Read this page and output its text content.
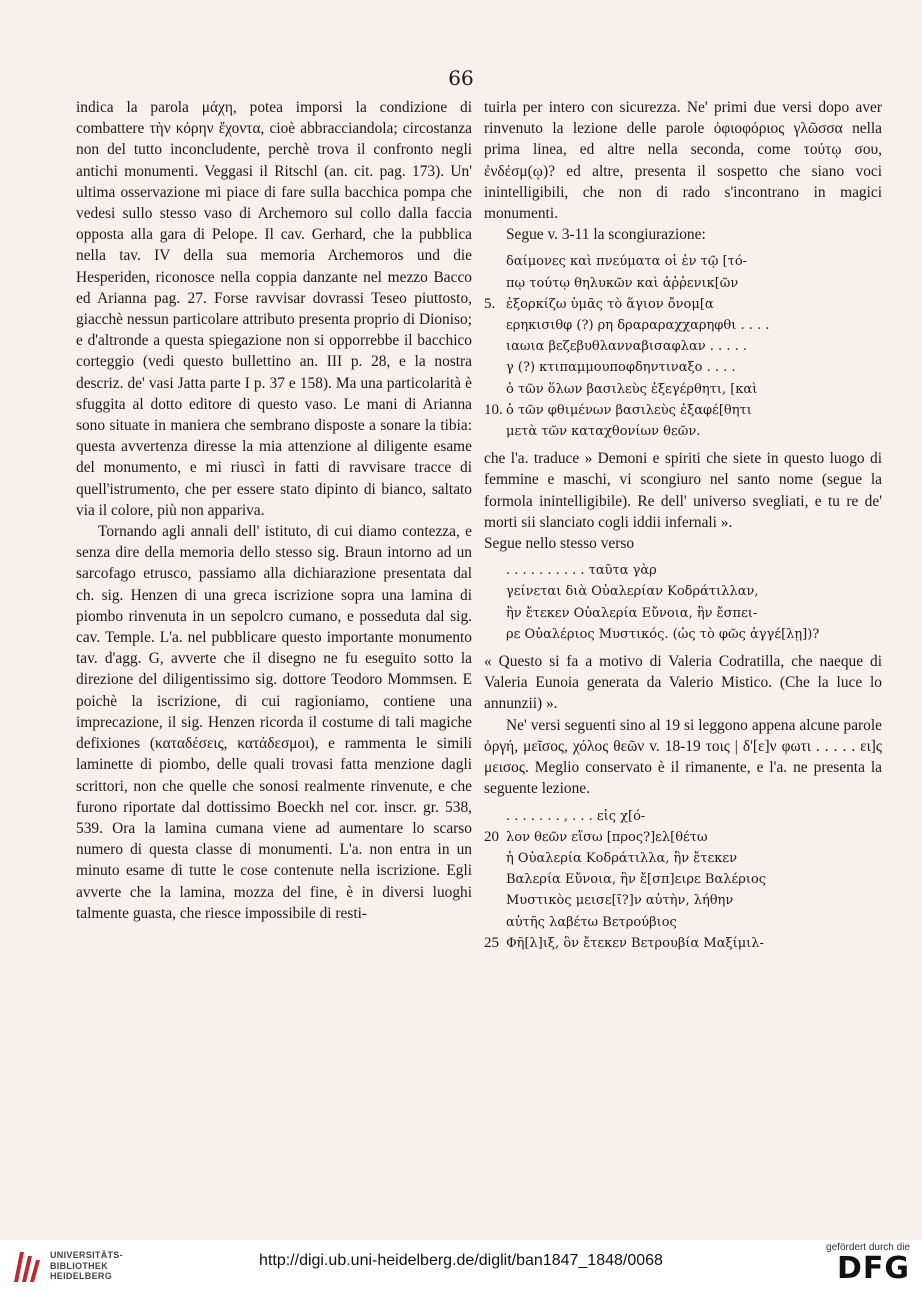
66

indica la parola μάχη, potea imporsi la condizione di combattere τὴν κόρην ἔχοντα, cioè abbracciandola; circostanza non del tutto inconcludente, perchè trova il confronto negli antichi monumenti. Veggasi il Ritschl (an. cit. pag. 173). Un' ultima osservazione mi piace di fare sulla bacchica pompa che vedesi sullo stesso vaso di Archemoro sul collo dalla faccia opposta alla gara di Pelope. Il cav. Gerhard, che la pubblica nella tav. IV della sua memoria Archemoros und die Hesperiden, riconosce nella coppia danzante nel mezzo Bacco ed Arianna pag. 27. Forse ravvisar dovrassi Teseo piuttosto, giacchè nessun particolare attributo presenta proprio di Dioniso; e d'altronde a questa spiegazione non si opporrebbe il bacchico corteggio (vedi questo bullettino an. III p. 28, e la nostra descriz. de' vasi Jatta parte I p. 37 e 158). Ma una particolarità è sfuggita al dotto editore di questo vaso. Le mani di Arianna sono situate in maniera che sembrano disposte a sonare la tibia: questa avvertenza diresse la mia attenzione al diligente esame del monumento, e mi riuscì in fatti di ravvisare tracce di quell'istrumento, che per essere stato dipinto di bianco, saltato via il colore, più non appariva.

Tornando agli annali dell' istituto, di cui diamo contezza, e senza dire della memoria dello stesso sig. Braun intorno ad un sarcofago etrusco, passiamo alla dichiarazione presentata dal ch. sig. Henzen di una greca iscrizione sopra una lamina di piombo rinvenuta in un sepolcro cumano, e posseduta dal sig. cav. Temple. L'a. nel pubblicare questo importante monumento tav. d'agg. G, avverte che il disegno ne fu eseguito sotto la direzione del diligentissimo sig. dottore Teodoro Mommsen. E poichè la iscrizione, di cui ragioniamo, contiene una imprecazione, il sig. Henzen ricorda il costume di tali magiche defixiones (καταδέσεις, κατάδεσμοι), e rammenta le simili laminette di piombo, delle quali trovasi fatta menzione dagli scrittori, non che quelle che sonosi realmente rinvenute, e che furono riportate dal dottissimo Boeckh nel cor. inscr. gr. 538, 539. Ora la lamina cumana viene ad aumentare lo scarso numero di questa classe di monumenti. L'a. non entra in un minuto esame di tutte le cose contenute nella iscrizione. Egli avverte che la lamina, mozza del fine, è in diversi luoghi talmente guasta, che riesce impossibile di resti-

tuirla per intero con sicurezza. Ne' primi due versi dopo aver rinvenuto la lezione delle parole ὀφιοφόριος γλῶσσα nella prima linea, ed altre nella seconda, come τούτῳ σου, ἐνδέσμ(ῳ)? ed altre, presenta il sospetto che siano voci inintelligibili, che non di rado s'incontrano in magici monumenti.

Segue v. 3-11 la scongiurazione:

δαίμονες καὶ πνεύματα οἱ ἐν τῷ [τό-
πῳ τούτῳ θηλυκῶν καὶ ἀῤῥενικ[ῶν
5. ἐξορκίζω ὑμᾶς τὸ ἅγιον ὄνομ[α
ερηκισιθφ (?) ρη δραραραχχαρηφθι . . . .
ιαωια βεζεβυθλανναβισαφλαν . . . . .
γ (?) κτιπαμμουποφδηντιναξο . . . .
ὁ τῶν ὅλων βασιλεὺς ἐξεγέρθητι, [καὶ
10. ὁ τῶν φθιμένων βασιλεὺς ἐξαφέ[θητι
μετὰ τῶν καταχθονίων θεῶν.

che l'a. traduce » Demoni e spiriti che siete in questo luogo di femmine e maschi, vi scongiuro nel santo nome (segue la formola inintelligibile). Re dell' universo svegliati, e tu re de' morti sii slanciato cogli iddii infernali ».

Segue nello stesso verso

. . . . . . . . . . ταῦτα γὰρ
γείνεται διὰ Οὐαλερίαν Κοδράτιλλαν,
ἣν ἔτεκεν Οὐαλερία Εὔνοια, ἣν ἔσπει-
ρε Οὐαλέριος Μυστικός. (ὡς τὸ φῶς ἀγγέ[λῃ])?

« Questo si fa a motivo di Valeria Codratilla, che naeque di Valeria Eunoia generata da Valerio Mistico. (Che la luce lo annunzii) ».

Ne' versi seguenti sino al 19 si leggono appena alcune parole ὀργή, μεῖσος, χόλος θεῶν v. 18-19 τοις | δ'[ε]ν φωτι . . . . . ει]ς μεισος. Meglio conservato è il rimanente, e l'a. ne presenta la seguente lezione.

. . . . . . . , . . . εἰς χ[ό-
20 λον θεῶν εἴσω [προς?]ελ[θέτω
ἡ Οὐαλερία Κοδράτιλλα, ἣν ἔτεκεν
Βαλερία Εὔνοια, ἣν ἔ[σπ]ειρε Βαλέριος
Μυστικὸς μεισε[ῖ?]ν αὐτὴν, λήθην
αὐτῆς λαβέτω Βετρούβιος
25 Φῆ[λ]ιξ, ὃν ἔτεκεν Βετρουβία Μαξίμιλ-
UNIVERSITÄTS-
BIBLIOTHEK
HEIDELBERG
http://digi.ub.uni-heidelberg.de/diglit/ban1847_1848/0068
gefördert durch die
DFG
